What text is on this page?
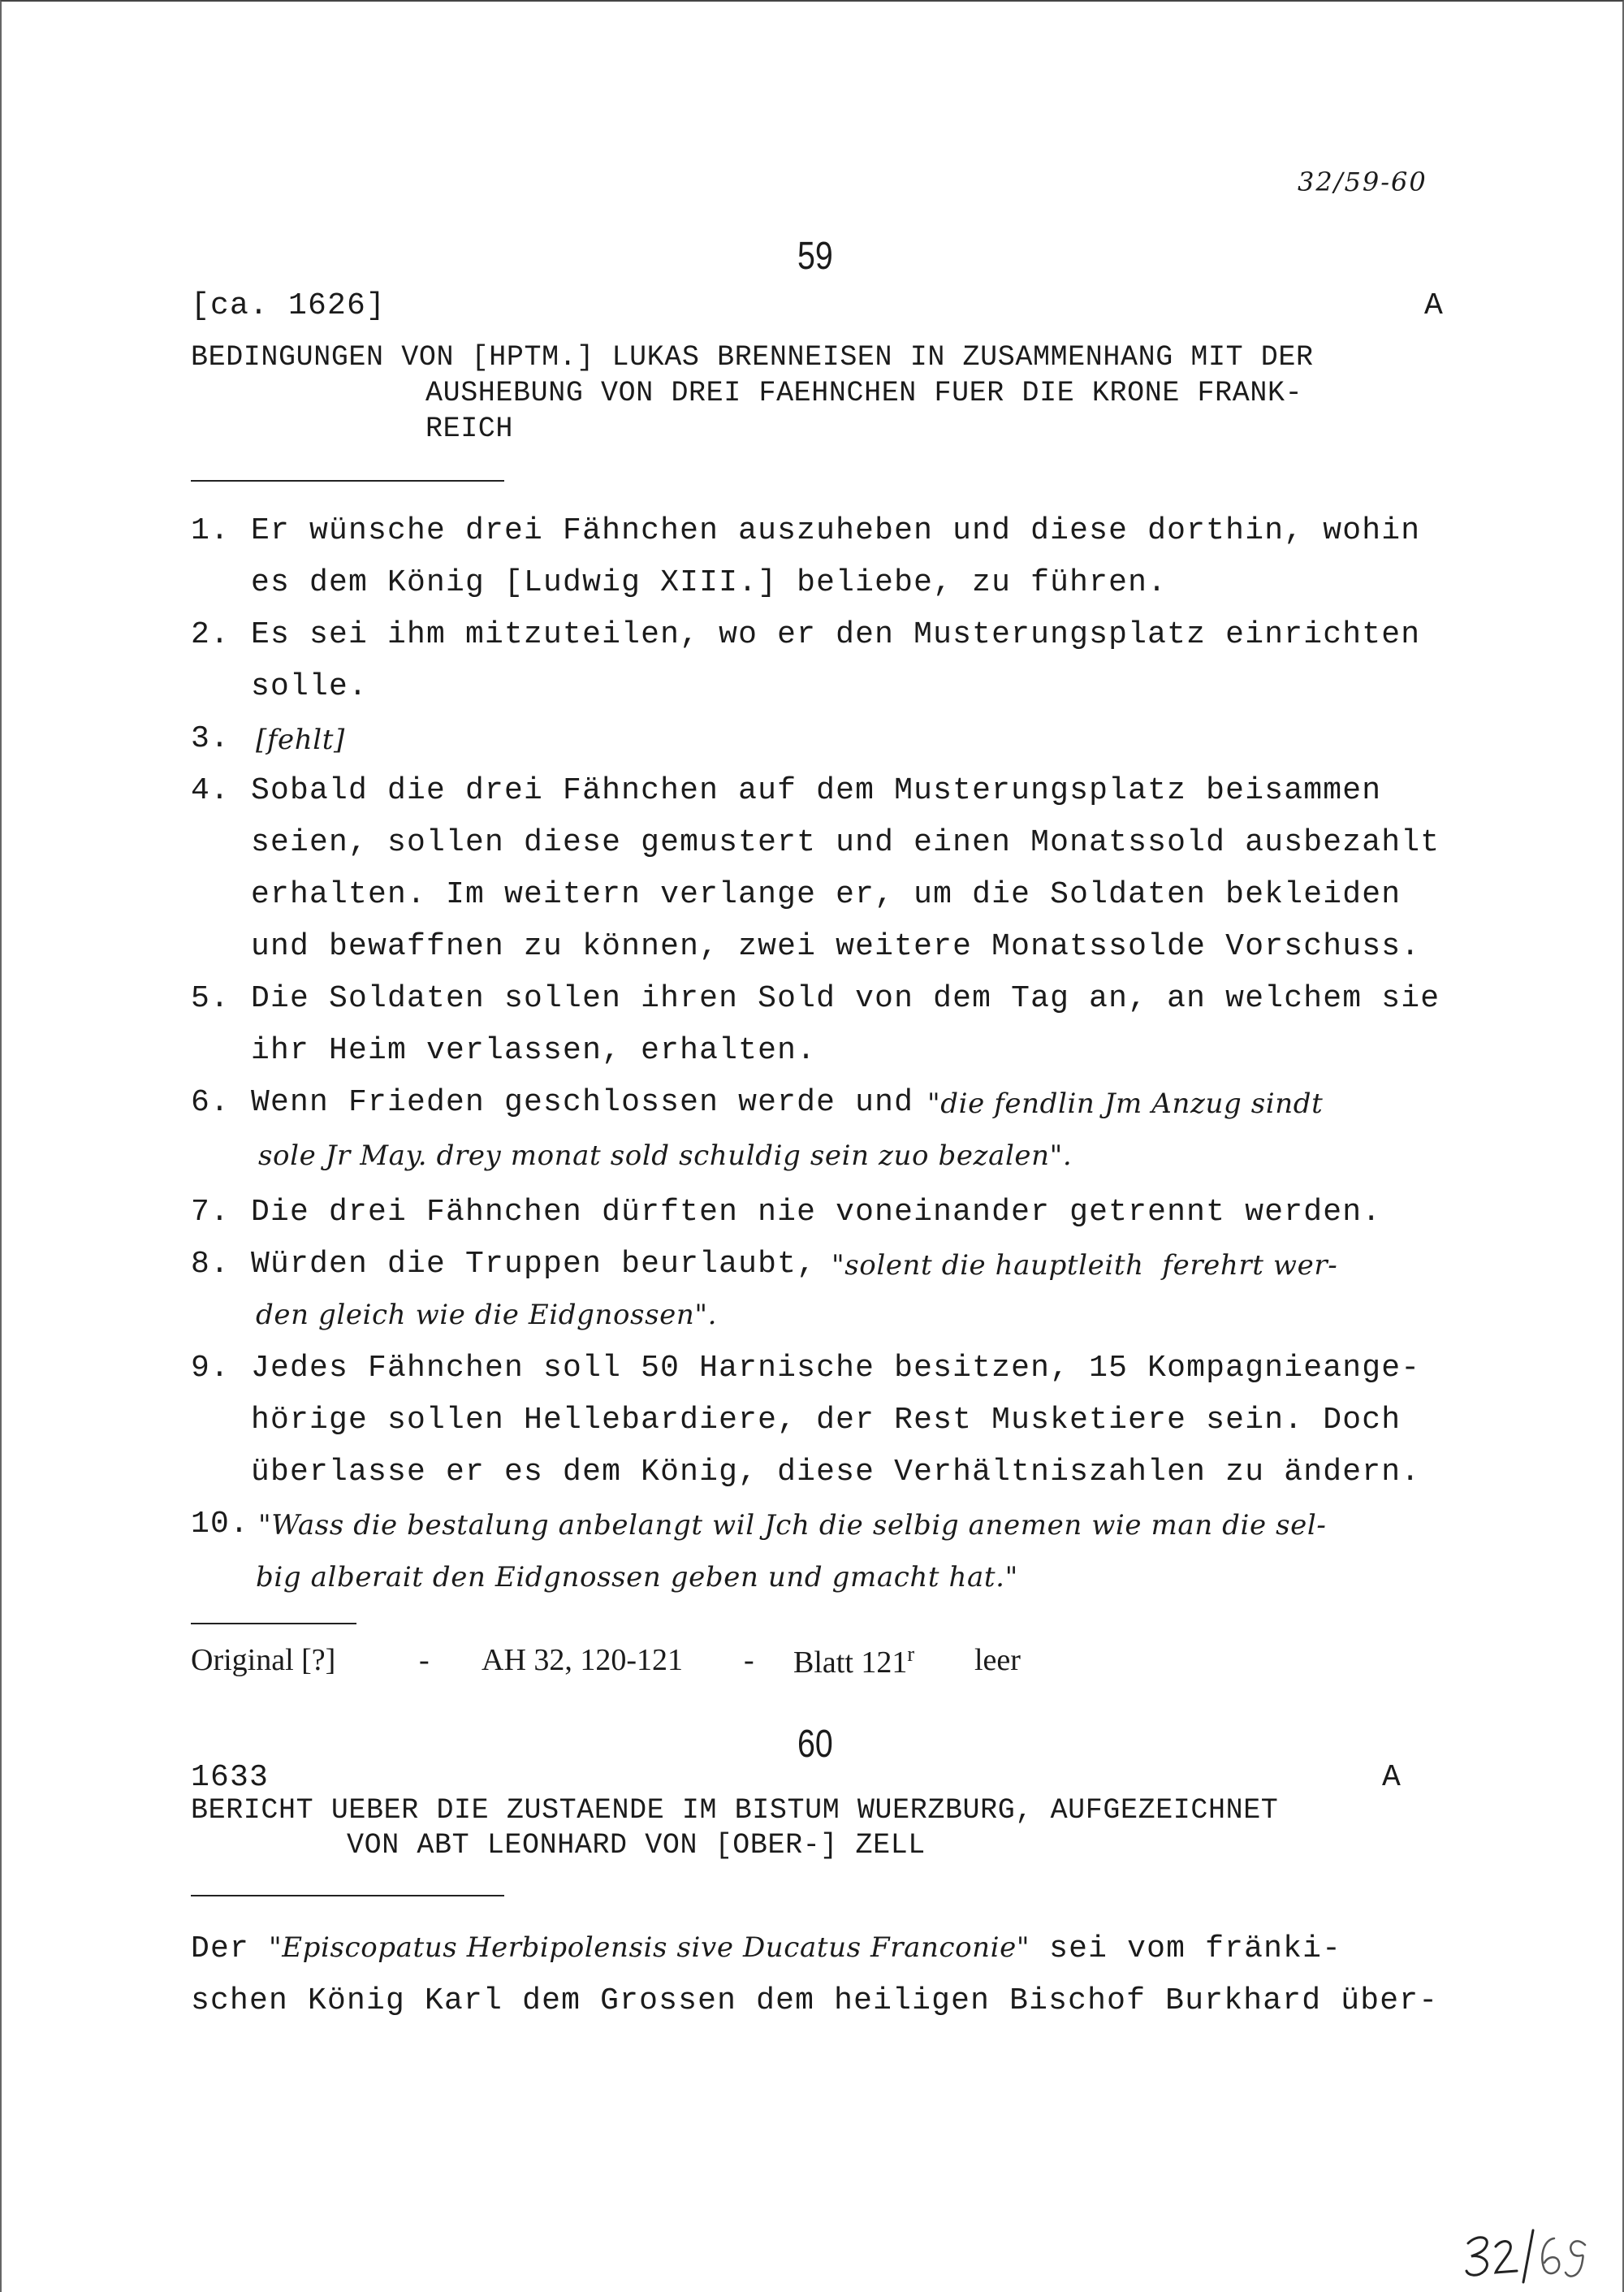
32/59-60
59
[ca. 1626]	A
BEDINGUNGEN VON [HPTM.] LUKAS BRENNEISEN IN ZUSAMMENHANG MIT DER
AUSHEBUNG VON DREI FAEHNCHEN FUER DIE KRONE FRANK-
REICH
1. Er wünsche drei Fähnchen auszuheben und diese dorthin, wohin
es dem König [Ludwig XIII.] beliebe, zu führen.
2. Es sei ihm mitzuteilen, wo er den Musterungsplatz einrichten
solle.
3. [fehlt]
4. Sobald die drei Fähnchen auf dem Musterungsplatz beisammen
seien, sollen diese gemustert und einen Monatssold ausbezahlt
erhalten. Im weitern verlange er, um die Soldaten bekleiden
und bewaffnen zu können, zwei weitere Monatssolde Vorschuss.
5. Die Soldaten sollen ihren Sold von dem Tag an, an welchem sie
ihr Heim verlassen, erhalten.
6. Wenn Frieden geschlossen werde und
"die fendlin Jm Anzug sindt
sole Jr May. drey monat sold schuldig sein zuo bezalen".
7. Die drei Fähnchen dürften nie voneinander getrennt werden.
8. Würden die Truppen beurlaubt,
"solent die hauptleith  ferehrt wer-
den gleich wie die Eidgnossen".
9. Jedes Fähnchen soll 50 Harnische besitzen, 15 Kompagnieange-
hörige sollen Hellebardiere, der Rest Musketiere sein. Doch
überlasse er es dem König, diese Verhältniszahlen zu ändern.
10. "Wass die bestalung anbelangt wil Jch die selbig anemen wie man die sel-
big alberait den Eidgnossen geben und gmacht hat."
Original [?]	- AH 32, 120-121 - Blatt 121$^r$ leer
60
1633	A
BERICHT UEBER DIE ZUSTAENDE IM BISTUM WUERZBURG, AUFGEZEICHNET
VON ABT LEONHARD VON [OBER-] ZELL
Der "Episcopatus Herbipolensis sive Ducatus Franconie" sei vom fränki-
schen König Karl dem Grossen dem heiligen Bischof Burkhard über-
